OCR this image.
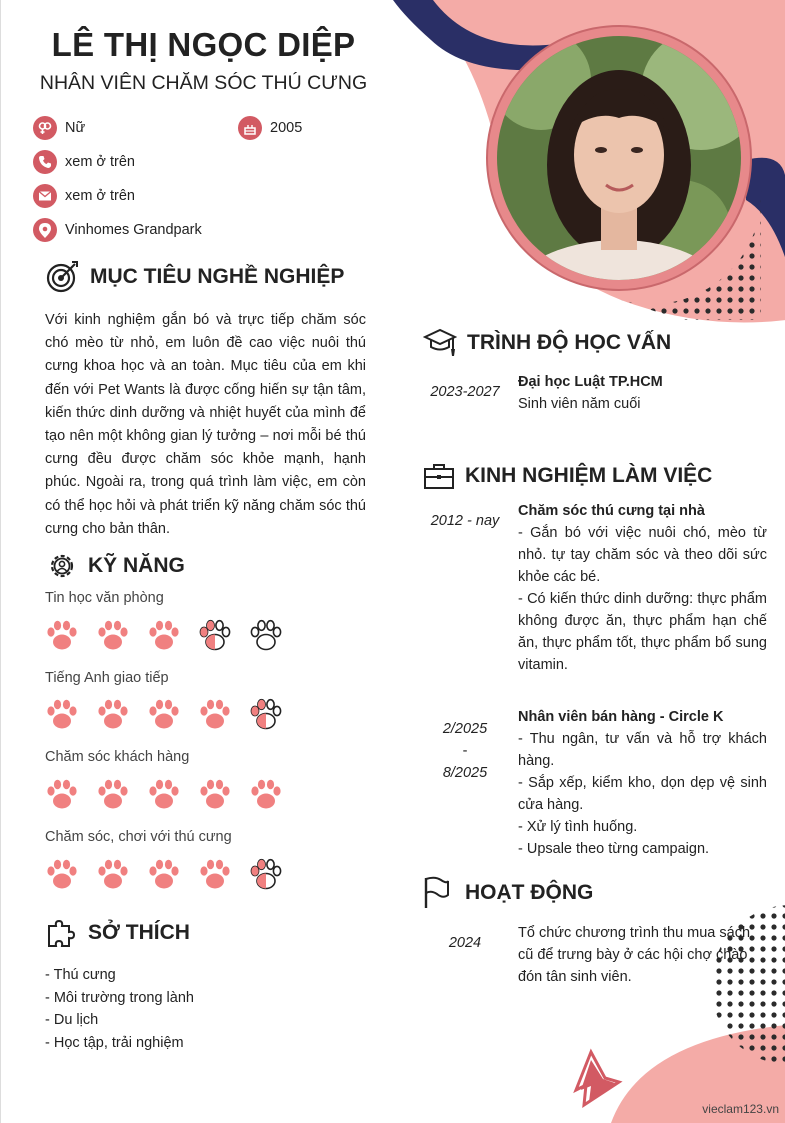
LÊ THỊ NGỌC DIỆP
NHÂN VIÊN CHĂM SÓC THÚ CƯNG
Nữ	2005
xem ở trên
xem ở trên
Vinhomes Grandpark
MỤC TIÊU NGHỀ NGHIỆP
Với kinh nghiệm gắn bó và trực tiếp chăm sóc chó mèo từ nhỏ, em luôn đề cao việc nuôi thú cưng khoa học và an toàn. Mục tiêu của em khi đến với Pet Wants là được cống hiến sự tận tâm, kiến thức dinh dưỡng và nhiệt huyết của mình để tạo nên một không gian lý tưởng – nơi mỗi bé thú cưng đều được chăm sóc khỏe mạnh, hạnh phúc. Ngoài ra, trong quá trình làm việc, em còn có thể học hỏi và phát triển kỹ năng chăm sóc thú cưng cho bản thân.
KỸ NĂNG
Tin học văn phòng
Tiếng Anh giao tiếp
Chăm sóc khách hàng
Chăm sóc, chơi với thú cưng
SỞ THÍCH
- Thú cưng
- Môi trường trong lành
- Du lịch
- Học tập, trải nghiệm
TRÌNH ĐỘ HỌC VẤN
2023-2027
Đại học Luật TP.HCM
Sinh viên năm cuối
KINH NGHIỆM LÀM VIỆC
2012 - nay
Chăm sóc thú cưng tại nhà
- Gắn bó với việc nuôi chó, mèo từ nhỏ. tự tay chăm sóc và theo dõi sức khỏe các bé.
- Có kiến thức dinh dưỡng: thực phẩm không được ăn, thực phẩm hạn chế ăn, thực phẩm tốt, thực phẩm bổ sung vitamin.
2/2025
-
8/2025
Nhân viên bán hàng - Circle K
- Thu ngân, tư vấn và hỗ trợ khách hàng.
- Sắp xếp, kiểm kho, dọn dẹp vệ sinh cửa hàng.
- Xử lý tình huống.
- Upsale theo từng campaign.
HOẠT ĐỘNG
2024
Tổ chức chương trình thu mua sách cũ để trưng bày ở các hội chợ chào đón tân sinh viên.
vieclam123.vn
